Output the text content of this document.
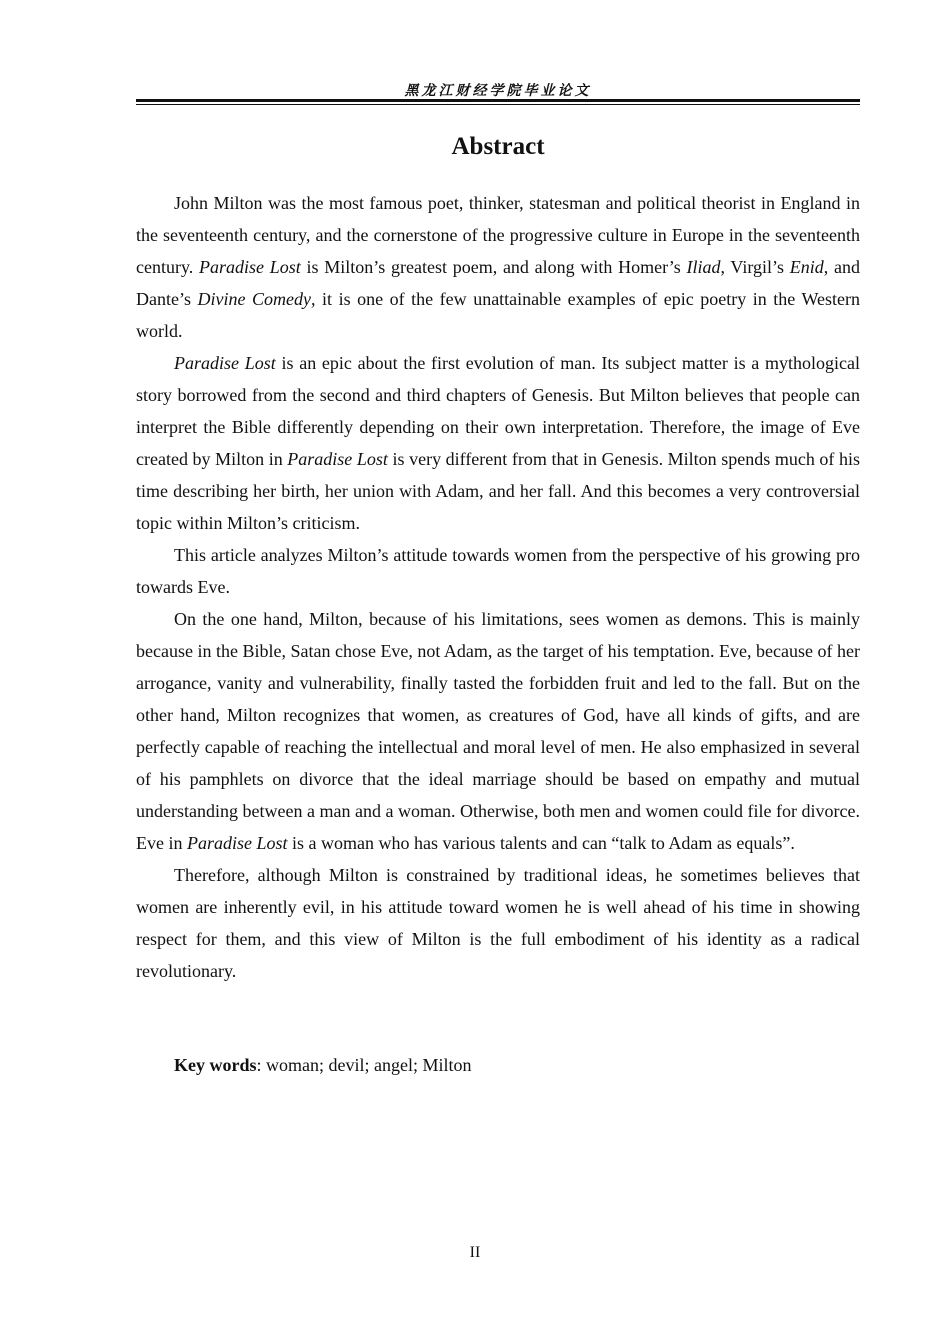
黑龙江财经学院毕业论文
Abstract

John Milton was the most famous poet, thinker, statesman and political theorist in England in the seventeenth century, and the cornerstone of the progressive culture in Europe in the seventeenth century. Paradise Lost is Milton’s greatest poem, and along with Homer’s Iliad, Virgil’s Enid, and Dante’s Divine Comedy, it is one of the few unattainable examples of epic poetry in the Western world.

Paradise Lost is an epic about the first evolution of man. Its subject matter is a mythological story borrowed from the second and third chapters of Genesis. But Milton believes that people can interpret the Bible differently depending on their own interpretation. Therefore, the image of Eve created by Milton in Paradise Lost is very different from that in Genesis. Milton spends much of his time describing her birth, her union with Adam, and her fall. And this becomes a very controversial topic within Milton’s criticism.

This article analyzes Milton’s attitude towards women from the perspective of his growing pro towards Eve.

On the one hand, Milton, because of his limitations, sees women as demons. This is mainly because in the Bible, Satan chose Eve, not Adam, as the target of his temptation. Eve, because of her arrogance, vanity and vulnerability, finally tasted the forbidden fruit and led to the fall. But on the other hand, Milton recognizes that women, as creatures of God, have all kinds of gifts, and are perfectly capable of reaching the intellectual and moral level of men. He also emphasized in several of his pamphlets on divorce that the ideal marriage should be based on empathy and mutual understanding between a man and a woman. Otherwise, both men and women could file for divorce. Eve in Paradise Lost is a woman who has various talents and can “talk to Adam as equals”.

Therefore, although Milton is constrained by traditional ideas, he sometimes believes that women are inherently evil, in his attitude toward women he is well ahead of his time in showing respect for them, and this view of Milton is the full embodiment of his identity as a radical revolutionary.

Key words: woman; devil; angel; Milton
II
